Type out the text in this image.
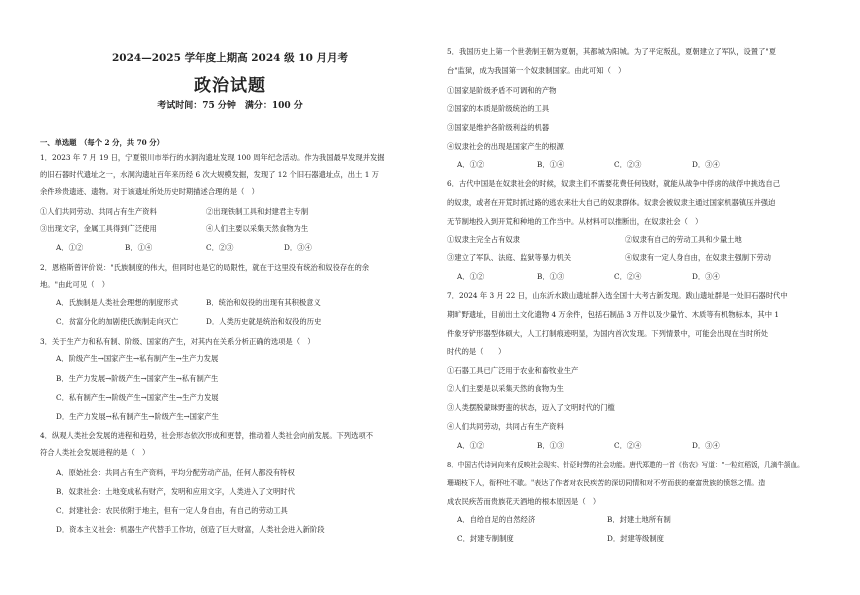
2024—2025 学年度上期高 2024 级 10 月月考
政治试题
考试时间：75 分钟　满分：100 分
一、单选题　（每个 2 分，共 70 分）
1．2023 年 7 月 19 日，宁夏银川市举行的水洞沟遗址发现 100 周年纪念活动。作为我国最早发现并发掘
的旧石器时代遗址之一，水洞沟遗址百年来历经 6 次大规模发掘，发现了 12 个旧石器遗址点，出土 1 万
余件珍贵遗迹、遗物。对于该遗址所处历史时期描述合理的是（　）
①人们共同劳动、共同占有生产资料	②出现铁制工具和封建君主专制
③出现文字，金属工具得到广泛使用	④人们主要以采集天然食物为生
A．①②	B．①④	C．②③	D．③④
2．恩格斯曾评价说："氏族制度的伟大，但同时也是它的局限性，就在于这里没有统治和奴役存在的余
地。"由此可见（　）
A．氏族制是人类社会理想的制度形式	B．统治和奴役的出现有其积极意义
C．贫富分化的加剧使氏族制走向灭亡	D．人类历史就是统治和奴役的历史
3．关于生产力和私有制、阶级、国家的产生，对其内在关系分析正确的选项是（　）
A．阶级产生→国家产生→私有制产生→生产力发展
B．生产力发展→阶级产生→国家产生→私有制产生
C．私有制产生→阶级产生→国家产生→生产力发展
D．生产力发展→私有制产生→阶级产生→国家产生
4．纵观人类社会发展的进程和趋势，社会形态依次形成和更替，推动着人类社会向前发展。下列选项不
符合人类社会发展进程的是（　）
A．原始社会：共同占有生产资料，平均分配劳动产品，任何人都没有特权
B．奴隶社会：土地变成私有财产，发明和应用文字，人类进入了文明时代
C．封建社会：农民依附于地主，但有一定人身自由，有自己的劳动工具
D．资本主义社会：机器生产代替手工作坊，创造了巨大财富，人类社会进入新阶段
5．我国历史上第一个世袭制王朝为夏朝，其都城为阳城。为了平定叛乱，夏朝建立了军队，设置了"夏
台"监狱，成为我国第一个奴隶制国家。由此可知（　）
①国家是阶级矛盾不可调和的产物
②国家的本质是阶级统治的工具
③国家是维护各阶级利益的机器
④奴隶社会的出现是国家产生的根源
A．①②	B．①④	C．②③	D．③④
6．古代中国是在奴隶社会的时候，奴隶主们不需要花费任何钱财，就能从战争中俘虏的战俘中挑选自己
的奴隶，或者在开荒时抓过路的逃农来壮大自己的奴隶群体。奴隶会被奴隶主通过国家机器镇压并强迫
无节制地投入到开荒和种地的工作当中。从材料可以推断出，在奴隶社会（　）
①奴隶主完全占有奴隶	②奴隶有自己的劳动工具和少量土地
③建立了军队、法庭、监狱等暴力机关	④奴隶有一定人身自由，在奴隶主强制下劳动
A．①②	B．①③	C．②④	D．③④
7．2024 年 3 月 22 日，山东沂水跋山遗址群入选全国十大考古新发现。跋山遗址群是一处旧石器时代中
期旷野遗址，目前出土文化遗物 4 万余件，包括石制品 3 万件以及少量竹、木质等有机物标本，其中 1
件象牙铲形器型体硕大，人工打制痕迹明显，为国内首次发现。下列情景中，可能会出现在当时所处
时代的是（　　）
①石器工具已广泛用于农业和畜牧业生产
②人们主要是以采集天然的食物为生
③人类摆脱蒙昧野蛮的状态，迈入了文明时代的门槛
④人们共同劳动，共同占有生产资料
A．①②	B．①③	C．②④	D．③④
8．中国古代诗词向来有反映社会现实、针砭时弊的社会功能。唐代郑遨的一首《伤农》写道："一粒红稻饭，几滴牛颔血。
珊瑚枝下人，衔杯吐不歇。"表达了作者对农民疾苦的深切同情和对不劳而获的豪富贵族的愤怒之情。造
成农民疾苦而贵族花天酒地的根本原因是（　）
A．自给自足的自然经济	B．封建土地所有制
C．封建专制制度	D．封建等级制度
